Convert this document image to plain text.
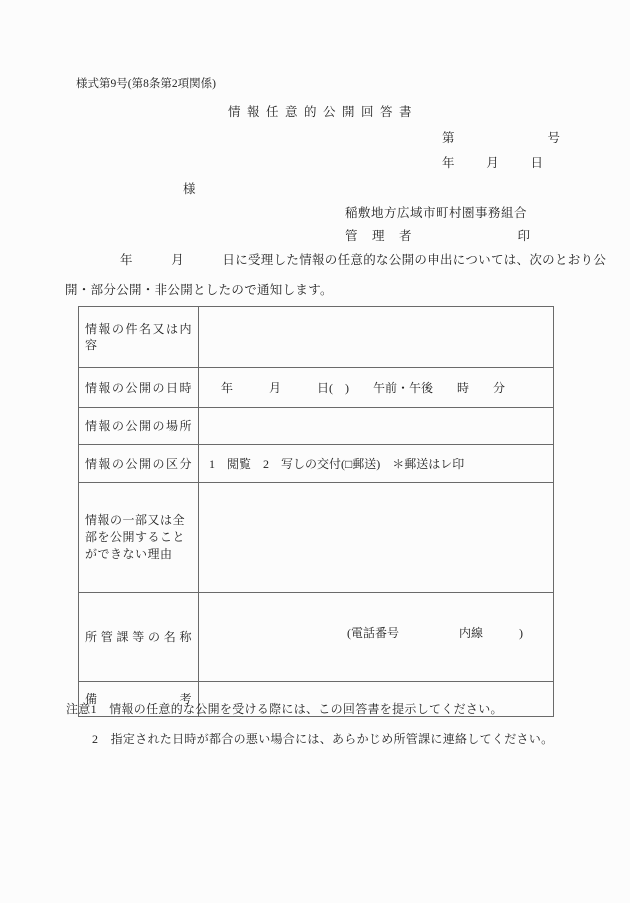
様式第9号(第8条第2項関係)
情報任意的公開回答書
第	号
年	月	日
様
稲敷地方広域市町村圏事務組合
管　理　者	印
年　　　月　　　日に受理した情報の任意的な公開の申出については、次のとおり公
開・部分公開・非公開としたので通知します。
情報の件名又は内容	
情報の公開の日時	　年　　　月　　　日(　)　　午前・午後　　時　　分
情報の公開の場所	
情報の公開の区分	1　閲覧　2　写しの交付(□郵送)　＊郵送はレ印
情報の一部又は全部を公開することができない理由	
所管課等の名称	(電話番号　　　　　内線　　　)

備考	
注意1　情報の任意的な公開を受ける際には、この回答書を提示してください。
2　指定された日時が都合の悪い場合には、あらかじめ所管課に連絡してください。
